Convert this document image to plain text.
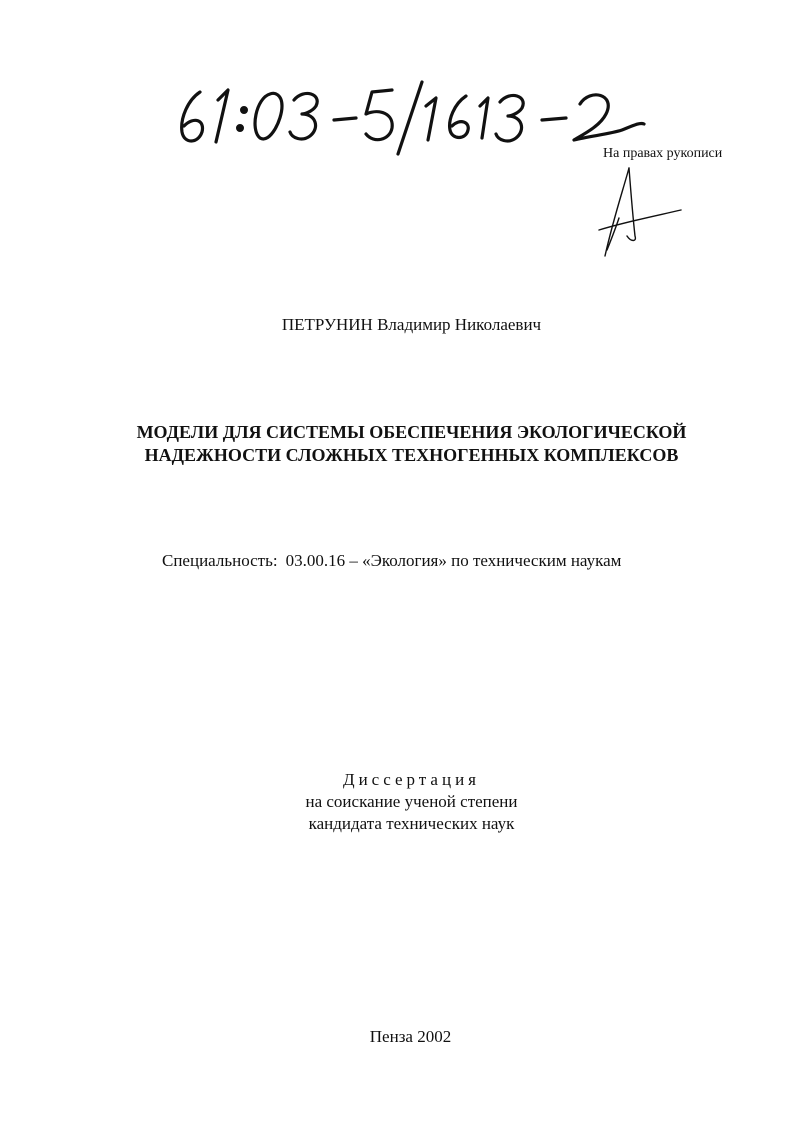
На правах рукописи
ПЕТРУНИН Владимир Николаевич
МОДЕЛИ ДЛЯ СИСТЕМЫ ОБЕСПЕЧЕНИЯ ЭКОЛОГИЧЕСКОЙ
НАДЕЖНОСТИ СЛОЖНЫХ ТЕХНОГЕННЫХ КОМПЛЕКСОВ
Специальность: 03.00.16 – «Экология» по техническим наукам
Диссертация
на соискание ученой степени
кандидата технических наук
Пенза 2002
